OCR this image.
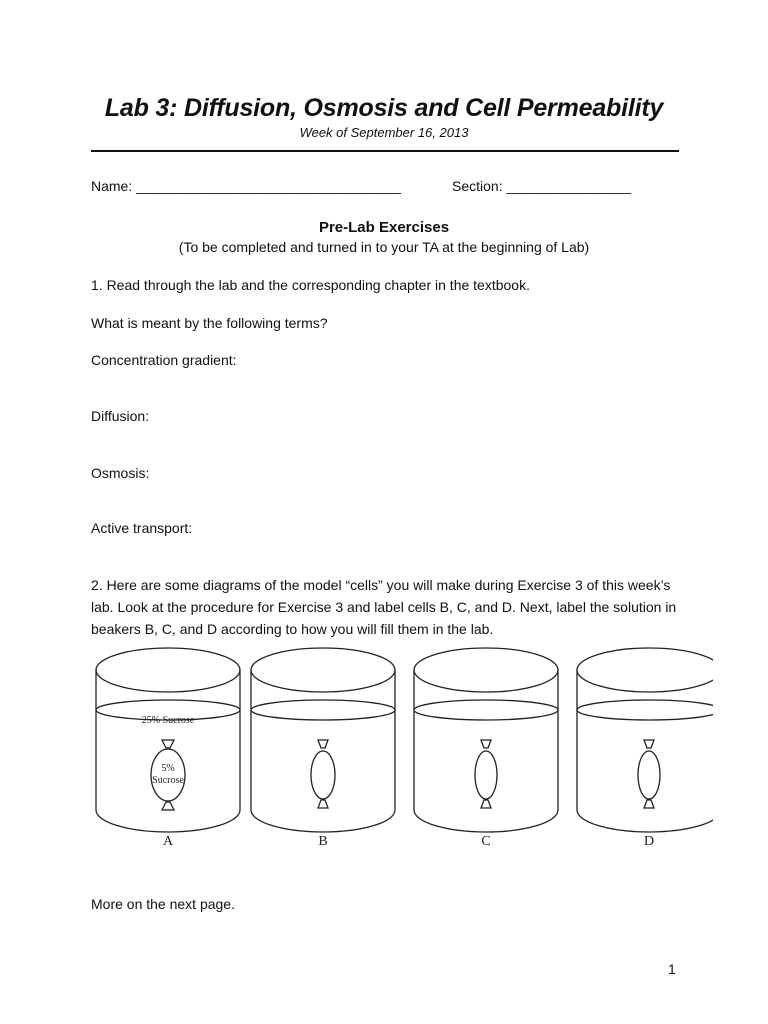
Lab 3: Diffusion, Osmosis and Cell Permeability
Week of September 16, 2013
Name: __________________________________	Section: ________________
Pre-Lab Exercises
(To be completed and turned in to your TA at the beginning of Lab)
1. Read through the lab and the corresponding chapter in the textbook.
What is meant by the following terms?
Concentration gradient:
Diffusion:
Osmosis:
Active transport:
2. Here are some diagrams of the model “cells” you will make during Exercise 3 of this week’s lab. Look at the procedure for Exercise 3 and label cells B, C, and D. Next, label the solution in beakers B, C, and D according to how you will fill them in the lab.
25% Sucrose
5%
Sucrose
A	B	C	D
More on the next page.
1
